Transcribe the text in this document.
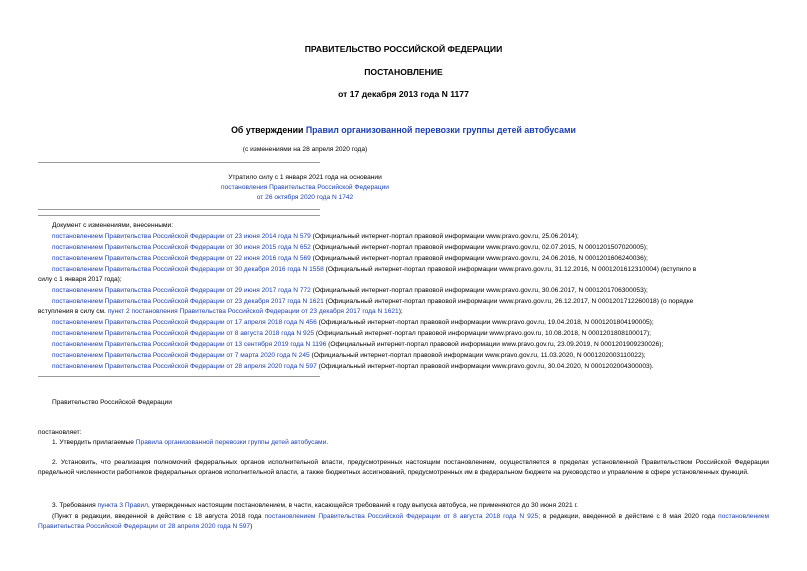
ПРАВИТЕЛЬСТВО РОССИЙСКОЙ ФЕДЕРАЦИИ
ПОСТАНОВЛЕНИЕ
от 17 декабря 2013 года N 1177
Об утверждении Правил организованной перевозки группы детей автобусами
(с изменениями на 28 апреля 2020 года)
Утратило силу с 1 января 2021 года на основании
постановления Правительства Российской Федерации
от 26 октября 2020 года N 1742
Документ с изменениями, внесенными:
постановлением Правительства Российской Федерации от 23 июня 2014 года N 579 (Официальный интернет-портал правовой информации www.pravo.gov.ru, 25.06.2014);
постановлением Правительства Российской Федерации от 30 июня 2015 года N 652 (Официальный интернет-портал правовой информации www.pravo.gov.ru, 02.07.2015, N 0001201507020005);
постановлением Правительства Российской Федерации от 22 июня 2016 года N 569 (Официальный интернет-портал правовой информации www.pravo.gov.ru, 24.06.2016, N 0001201606240036);
постановлением Правительства Российской Федерации от 30 декабря 2016 года N 1558 (Официальный интернет-портал правовой информации www.pravo.gov.ru, 31.12.2016, N 0001201612310004) (вступило в
силу с 1 января 2017 года);
постановлением Правительства Российской Федерации от 29 июня 2017 года N 772 (Официальный интернет-портал правовой информации www.pravo.gov.ru, 30.06.2017, N 0001201706300053);
постановлением Правительства Российской Федерации от 23 декабря 2017 года N 1621 (Официальный интернет-портал правовой информации www.pravo.gov.ru, 26.12.2017, N 0001201712260018) (о порядке
вступления в силу см. пункт 2 постановления Правительства Российской Федерации от 23 декабря 2017 года N 1621);
постановлением Правительства Российской Федерации от 17 апреля 2018 года N 456 (Официальный интернет-портал правовой информации www.pravo.gov.ru, 19.04.2018, N 0001201804190005);
постановлением Правительства Российской Федерации от 8 августа 2018 года N 925 (Официальный интернет-портал правовой информации www.pravo.gov.ru, 10.08.2018, N 0001201808100017);
постановлением Правительства Российской Федерации от 13 сентября 2019 года N 1196 (Официальный интернет-портал правовой информации www.pravo.gov.ru, 23.09.2019, N 0001201909230026);
постановлением Правительства Российской Федерации от 7 марта 2020 года N 245 (Официальный интернет-портал правовой информации www.pravo.gov.ru, 11.03.2020, N 0001202003110022);
постановлением Правительства Российской Федерации от 28 апреля 2020 года N 597 (Официальный интернет-портал правовой информации www.pravo.gov.ru, 30.04.2020, N 0001202004300003).
Правительство Российской Федерации
постановляет:
1. Утвердить прилагаемые Правила организованной перевозки группы детей автобусами.
2. Установить, что реализация полномочий федеральных органов исполнительной власти, предусмотренных настоящим постановлением, осуществляется в пределах установленной Правительством Российской Федерации предельной численности работников федеральных органов исполнительной власти, а также бюджетных ассигнований, предусмотренных им в федеральном бюджете на руководство и управление в сфере установленных функций.
3. Требования пункта 3 Правил, утвержденных настоящим постановлением, в части, касающейся требований к году выпуска автобуса, не применяются до 30 июня 2021 г.
(Пункт в редакции, введенной в действие с 18 августа 2018 года постановлением Правительства Российской Федерации от 8 августа 2018 года N 925; в редакции, введенной в действие с 8 мая 2020 года постановлением Правительства Российской Федерации от 28 апреля 2020 года N 597)
